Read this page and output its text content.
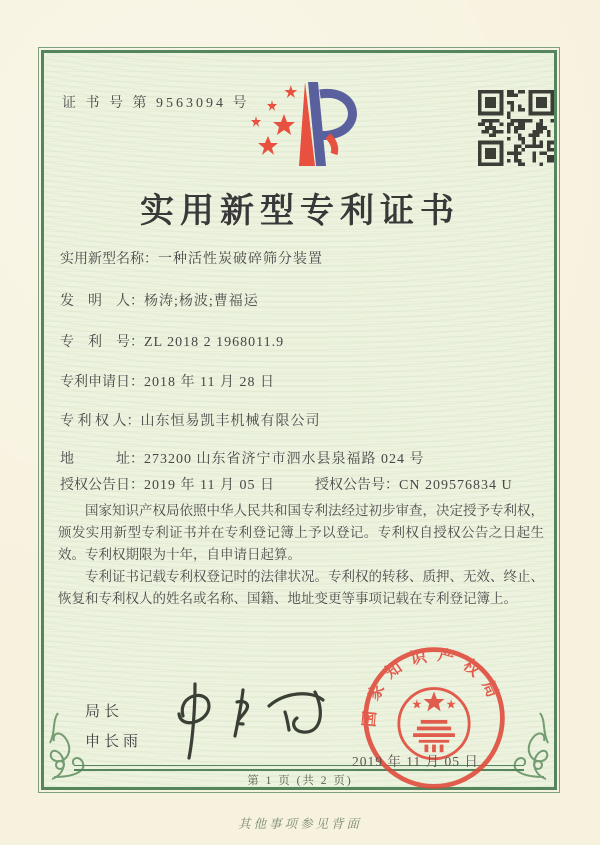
证 书 号 第 9563094 号
实用新型专利证书
实用新型名称：一种活性炭破碎筛分装置
发　明　人：杨涛;杨波;曹福运
专　利　号：ZL 2018 2 1968011.9
专利申请日：2018 年 11 月 28 日
专 利 权 人：山东恒易凯丰机械有限公司
地　　　址：273200 山东省济宁市泗水县泉福路 024 号
授权公告日：2019 年 11 月 05 日	授权公告号：CN 209576834 U

国家知识产权局依照中华人民共和国专利法经过初步审查，决定授予专利权，颁发实用新型专利证书并在专利登记簿上予以登记。专利权自授权公告之日起生效。专利权期限为十年，自申请日起算。

专利证书记载专利权登记时的法律状况。专利权的转移、质押、无效、终止、恢复和专利权人的姓名或名称、国籍、地址变更等事项记载在专利登记簿上。

局长
申长雨
国家知识产权局
2019 年 11 月 05 日
第 1 页 (共 2 页)
其他事项参见背面
